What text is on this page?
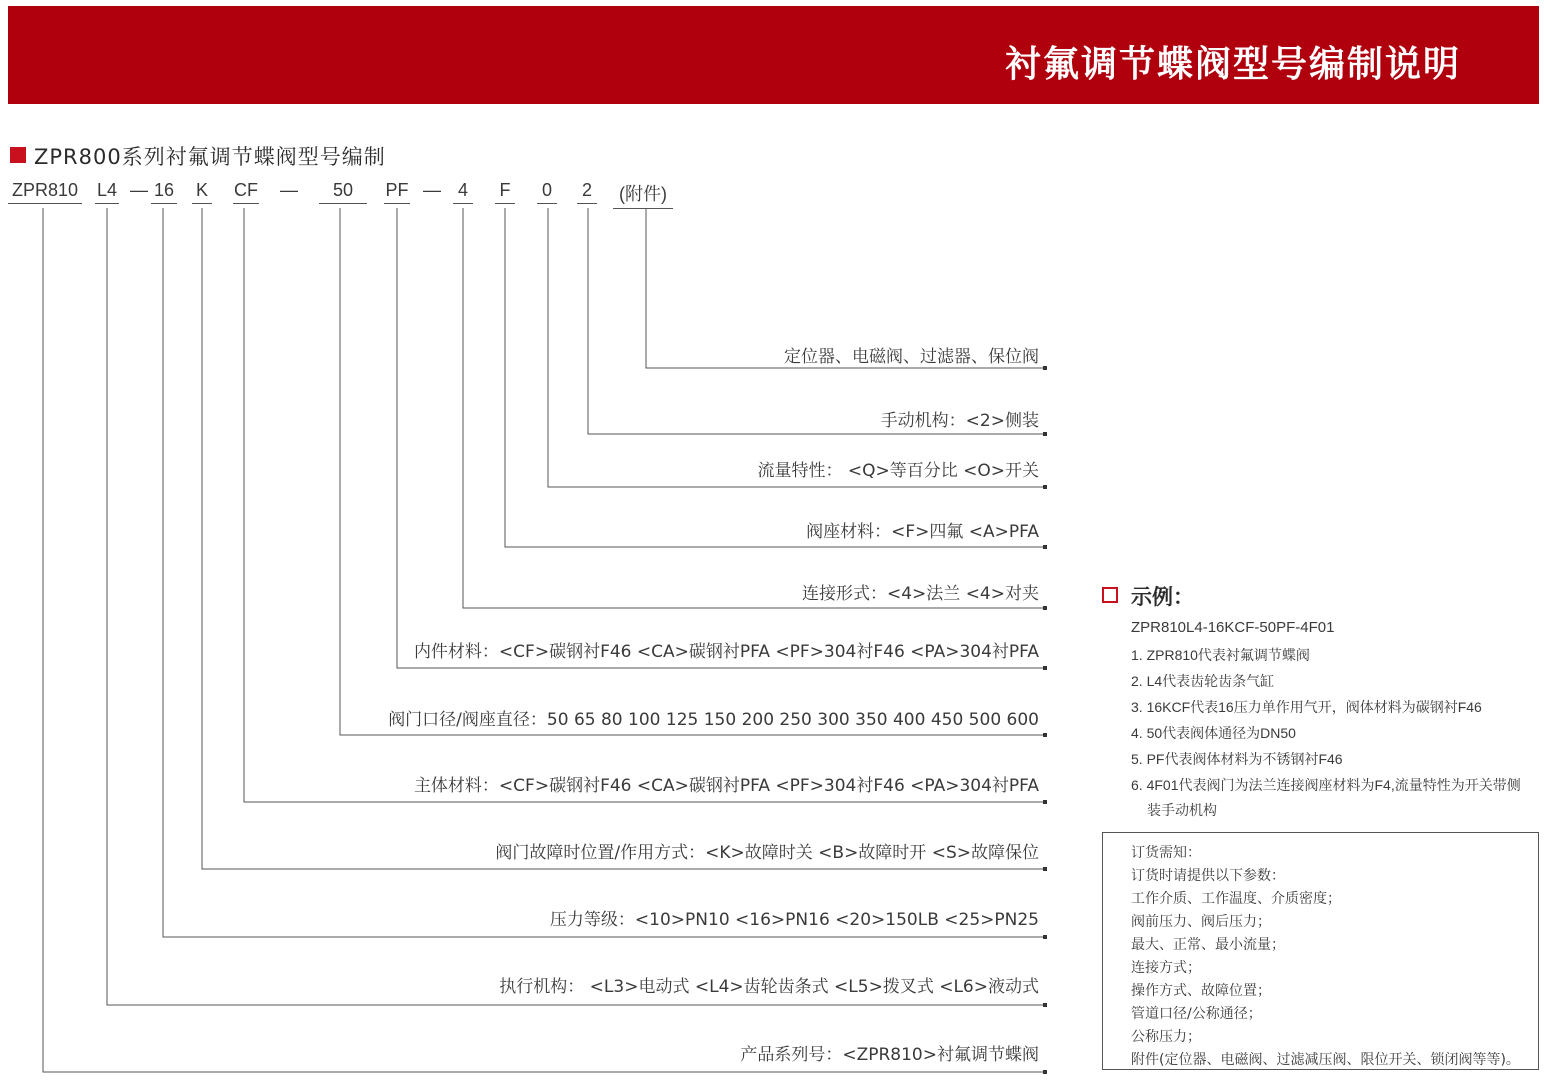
衬氟调节蝶阀型号编制说明
ZPR800系列衬氟调节蝶阀型号编制
ZPR810 L4 — 16 K CF —	50	PF — 4 F 0 2	(附件)
定位器、电磁阀、过滤器、保位阀
手动机构：<2>侧装
流量特性： <Q>等百分比 <O>开关
阀座材料：<F>四氟 <A>PFA
连接形式：<4>法兰 <4>对夹
内件材料：<CF>碳钢衬F46 <CA>碳钢衬PFA <PF>304衬F46 <PA>304衬PFA
阀门口径/阀座直径：50 65 80 100 125 150 200 250 300 350 400 450 500 600
主体材料：<CF>碳钢衬F46 <CA>碳钢衬PFA <PF>304衬F46 <PA>304衬PFA
阀门故障时位置/作用方式：<K>故障时关 <B>故障时开 <S>故障保位
压力等级：<10>PN10 <16>PN16 <20>150LB <25>PN25
执行机构： <L3>电动式 <L4>齿轮齿条式 <L5>拨叉式 <L6>液动式
产品系列号：<ZPR810>衬氟调节蝶阀
示例：
ZPR810L4-16KCF-50PF-4F01
1. ZPR810代表衬氟调节蝶阀
2. L4代表齿轮齿条气缸
3. 16KCF代表16压力单作用气开，阀体材料为碳钢衬F46
4. 50代表阀体通径为DN50
5. PF代表阀体材料为不锈钢衬F46
6. 4F01代表阀门为法兰连接阀座材料为F4,流量特性为开关带侧
装手动机构
订货需知：
订货时请提供以下参数：
工作介质、工作温度、介质密度；
阀前压力、阀后压力；
最大、正常、最小流量；
连接方式；
操作方式、故障位置；
管道口径/公称通径；
公称压力；
附件(定位器、电磁阀、过滤减压阀、限位开关、锁闭阀等等)。
